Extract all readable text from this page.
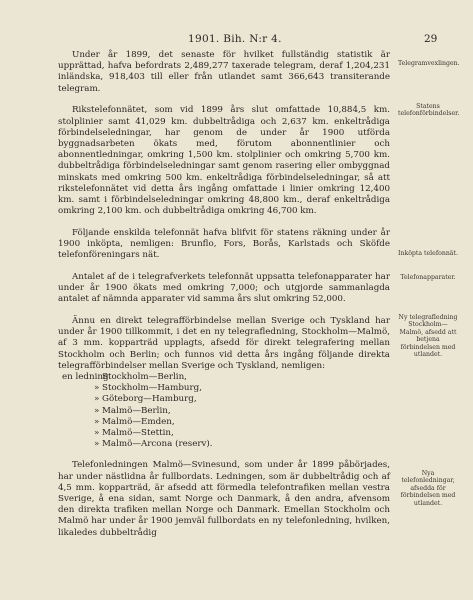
1901. Bih. N:r 4.	29

Under år 1899, det senaste för hvilket fullständig statistik är upprättad, hafva befordrats 2,489,277 taxerade telegram, deraf 1,204,231 inländska, 918,403 till eller från utlandet samt 366,643 transiterande telegram.

Rikstelefonnätet, som vid 1899 års slut omfattade 10,884,5 km. stolplinier samt 41,029 km. dubbeltrådiga och 2,637 km. enkeltrådiga förbindelseledningar, har genom de under år 1900 utförda byggnadsarbeten ökats med, förutom abonnentlinier och abonnentledningar, omkring 1,500 km. stolplinier och omkring 5,700 km. dubbeltrådiga förbindelseledningar samt genom rasering eller ombyggnad minskats med omkring 500 km. enkeltrådiga förbindelseledningar, så att rikstelefonnätet vid detta års ingång omfattade i linier omkring 12,400 km. samt i förbindelseledningar omkring 48,800 km., deraf enkeltrådiga omkring 2,100 km. och dubbeltrådiga omkring 46,700 km.

Följande enskilda telefonnät hafva blifvit för statens räkning under år 1900 inköpta, nemligen: Brunflo, Fors, Borås, Karlstads och Sköfde telefonföreningars nät.

Antalet af de i telegrafverkets telefonnät uppsatta telefonapparater har under år 1900 ökats med omkring 7,000; och utgjorde sammanlagda antalet af nämnda apparater vid samma års slut omkring 52,000.

Ännu en direkt telegrafförbindelse mellan Sverige och Tyskland har under år 1900 tillkommit, i det en ny telegrafledning, Stockholm—Malmö, af 3 mm. kopparträd upplagts, afsedd för direkt telegrafering mellan Stockholm och Berlin; och funnos vid detta års ingång följande direkta telegrafförbindelser mellan Sverige och Tyskland, nemligen:

en ledning
Stockholm—Berlin,
» Stockholm—Hamburg,
» Göteborg—Hamburg,
» Malmö—Berlin,
» Malmö—Emden,
» Malmö—Stettin,
» Malmö—Arcona (reserv).

Telefonledningen Malmö—Svinesund, som under år 1899 påbörjades, har under nästlidna år fullbordats. Ledningen, som är dubbeltrådig och af 4,5 mm. kopparträd, är afsedd att förmedla telefontrafiken mellan vestra Sverige, å ena sidan, samt Norge och Danmark, å den andra, afvensom den direkta trafiken mellan Norge och Danmark. Emellan Stockholm och Malmö har under år 1900 jemväl fullbordats en ny telefonledning, hvilken, likaledes dubbeltrådig

Telegramvexlingen.
Statens telefonförbindelser.
Inköpta telefonnät.
Telefonapparater.
Ny telegrafledning Stockholm—Malmö, afsedd att betjena förbindelsen med utlandet.
Nya telefonledningar, afsedda för förbindelsen med utlandet.
